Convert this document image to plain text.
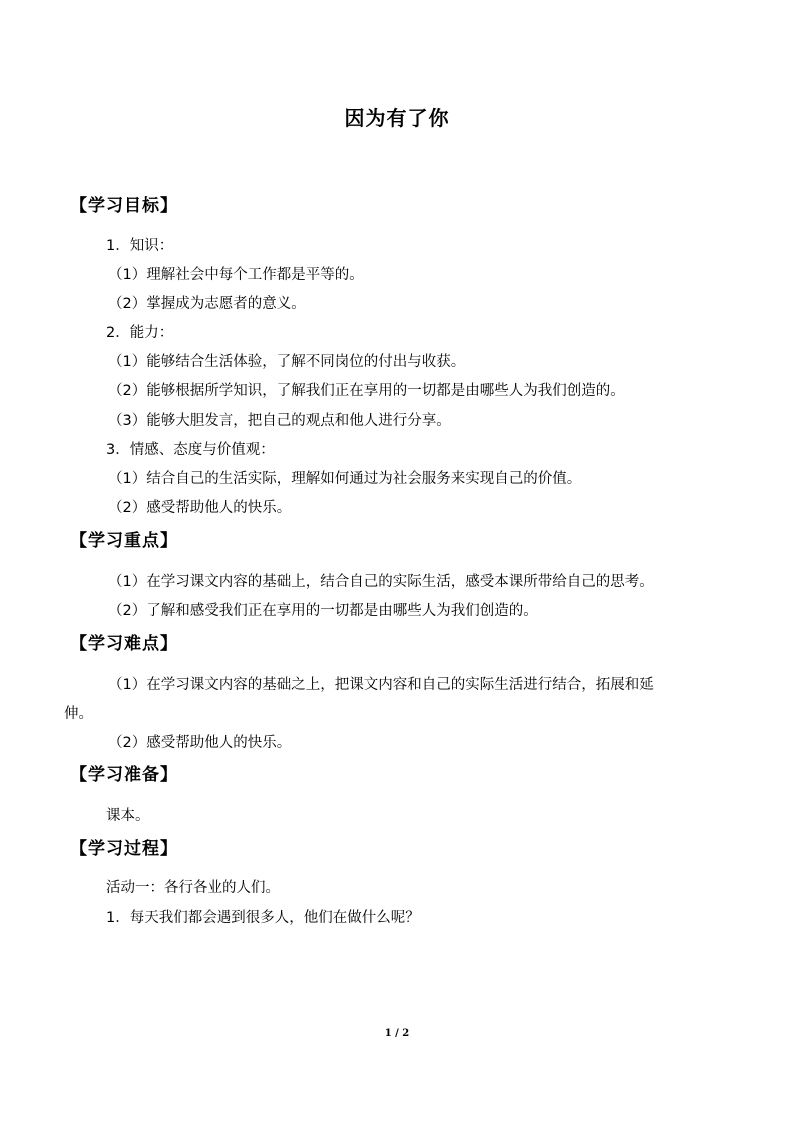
因为有了你
【学习目标】
1．知识：
（1）理解社会中每个工作都是平等的。
（2）掌握成为志愿者的意义。
2．能力：
（1）能够结合生活体验，了解不同岗位的付出与收获。
（2）能够根据所学知识，了解我们正在享用的一切都是由哪些人为我们创造的。
（3）能够大胆发言，把自己的观点和他人进行分享。
3．情感、态度与价值观：
（1）结合自己的生活实际，理解如何通过为社会服务来实现自己的价值。
（2）感受帮助他人的快乐。
【学习重点】
（1）在学习课文内容的基础上，结合自己的实际生活，感受本课所带给自己的思考。
（2）了解和感受我们正在享用的一切都是由哪些人为我们创造的。
【学习难点】
（1）在学习课文内容的基础之上，把课文内容和自己的实际生活进行结合，拓展和延
伸。
（2）感受帮助他人的快乐。
【学习准备】
课本。
【学习过程】
活动一：各行各业的人们。
1．每天我们都会遇到很多人，他们在做什么呢？
1 / 2
